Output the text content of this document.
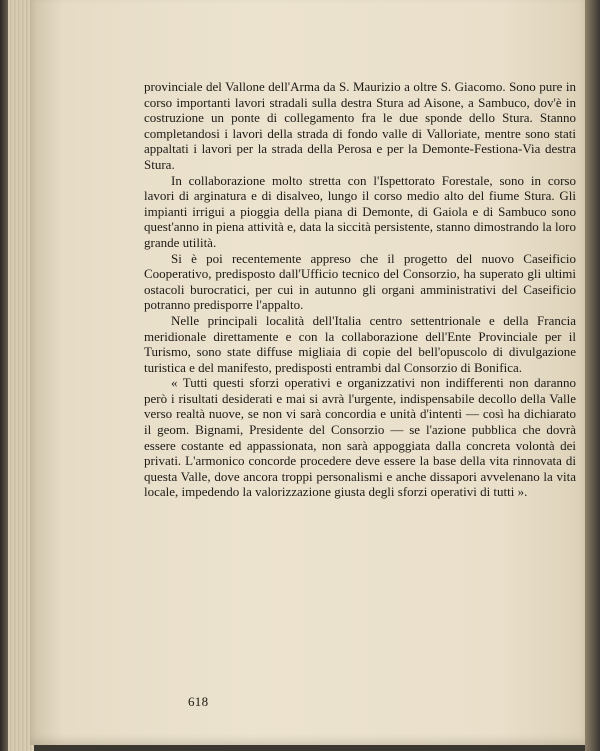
provinciale del Vallone dell'Arma da S. Maurizio a oltre S. Giacomo. Sono pure in corso importanti lavori stradali sulla destra Stura ad Aisone, a Sambuco, dov'è in costruzione un ponte di collegamento fra le due sponde dello Stura. Stanno completandosi i lavori della strada di fondo valle di Valloriate, mentre sono stati appaltati i lavori per la strada della Perosa e per la Demonte-Festiona-Via destra Stura.

In collaborazione molto stretta con l'Ispettorato Forestale, sono in corso lavori di arginatura e di disalveo, lungo il corso medio alto del fiume Stura. Gli impianti irrigui a pioggia della piana di Demonte, di Gaiola e di Sambuco sono quest'anno in piena attività e, data la siccità persistente, stanno dimostrando la loro grande utilità.

Si è poi recentemente appreso che il progetto del nuovo Caseificio Cooperativo, predisposto dall'Ufficio tecnico del Consorzio, ha superato gli ultimi ostacoli burocratici, per cui in autunno gli organi amministrativi del Caseificio potranno predisporre l'appalto.

Nelle principali località dell'Italia centro settentrionale e della Francia meridionale direttamente e con la collaborazione dell'Ente Provinciale per il Turismo, sono state diffuse migliaia di copie del bell'opuscolo di divulgazione turistica e del manifesto, predisposti entrambi dal Consorzio di Bonifica.

« Tutti questi sforzi operativi e organizzativi non indifferenti non daranno però i risultati desiderati e mai si avrà l'urgente, indispensabile decollo della Valle verso realtà nuove, se non vi sarà concordia e unità d'intenti — così ha dichiarato il geom. Bignami, Presidente del Consorzio — se l'azione pubblica che dovrà essere costante ed appassionata, non sarà appoggiata dalla concreta volontà dei privati. L'armonico concorde procedere deve essere la base della vita rinnovata di questa Valle, dove ancora troppi personalismi e anche dissapori avvelenano la vita locale, impedendo la valorizzazione giusta degli sforzi operativi di tutti ».

618
